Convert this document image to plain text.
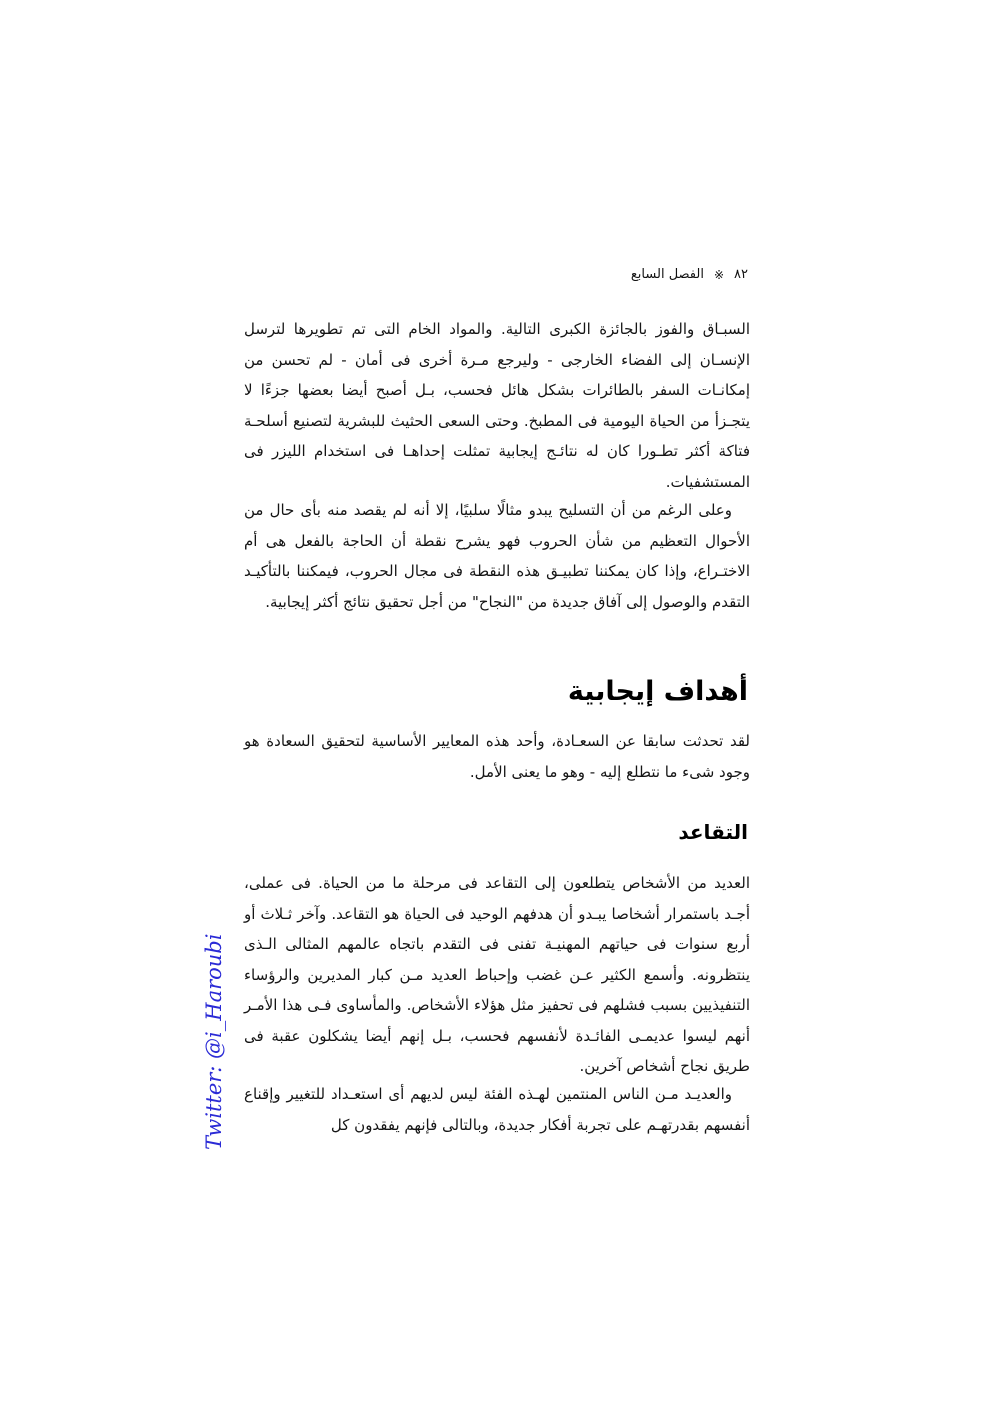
٨٢
※
الفصل السابع

السبـاق والفوز بالجائزة الكبرى التالية. والمواد الخام التى تم تطويرها لترسل الإنسـان إلى الفضاء الخارجى - وليرجع مـرة أخرى فى أمان - لم تحسن من إمكانـات السفر بالطائرات بشكل هائل فحسب، بـل أصبح أيضا بعضها جزءًا لا يتجـزأ من الحياة اليومية فى المطبخ. وحتى السعى الحثيث للبشرية لتصنيع أسلحـة فتاكة أكثر تطـورا كان له نتائـج إيجابية تمثلت إحداهـا فى استخدام الليزر فى المستشفيات.

وعلى الرغم من أن التسليح يبدو مثالًا سلبيًا، إلا أنه لم يقصد منه بأى حال من الأحوال التعظيم من شأن الحروب فهو يشرح نقطة أن الحاجة بالفعل هى أم الاختـراع، وإذا كان يمكننا تطبيـق هذه النقطة فى مجال الحروب، فيمكننا بالتأكيـد التقدم والوصول إلى آفاق جديدة من "النجاح" من أجل تحقيق نتائج أكثر إيجابية.

أهداف إيجابية

لقد تحدثت سابقا عن السعـادة، وأحد هذه المعايير الأساسية لتحقيق السعادة هو وجود شىء ما نتطلع إليه - وهو ما يعنى الأمل.

التقاعد

العديد من الأشخاص يتطلعون إلى التقاعد فى مرحلة ما من الحياة. فى عملى، أجـد باستمرار أشخاصا يبـدو أن هدفهم الوحيد فى الحياة هو التقاعد. وآخر ثـلاث أو أربع سنوات فى حياتهم المهنيـة تفنى فى التقدم باتجاه عالمهم المثالى الـذى ينتظرونه. وأسمع الكثير عـن غضب وإحباط العديد مـن كبار المديرين والرؤساء التنفيذيين بسبب فشلهم فى تحفيز مثل هؤلاء الأشخاص. والمأساوى فـى هذا الأمـر أنهم ليسوا عديمـى الفائـدة لأنفسهم فحسب، بـل إنهم أيضا يشكلون عقبة فى طريق نجاح أشخاص آخرين.

والعديـد مـن الناس المنتمين لهـذه الفئة ليس لديهم أى استعـداد للتغيير وإقناع أنفسهم بقدرتهـم على تجربة أفكار جديدة، وبالتالى فإنهم يفقدون كل

Twitter: @i_Haroubi
